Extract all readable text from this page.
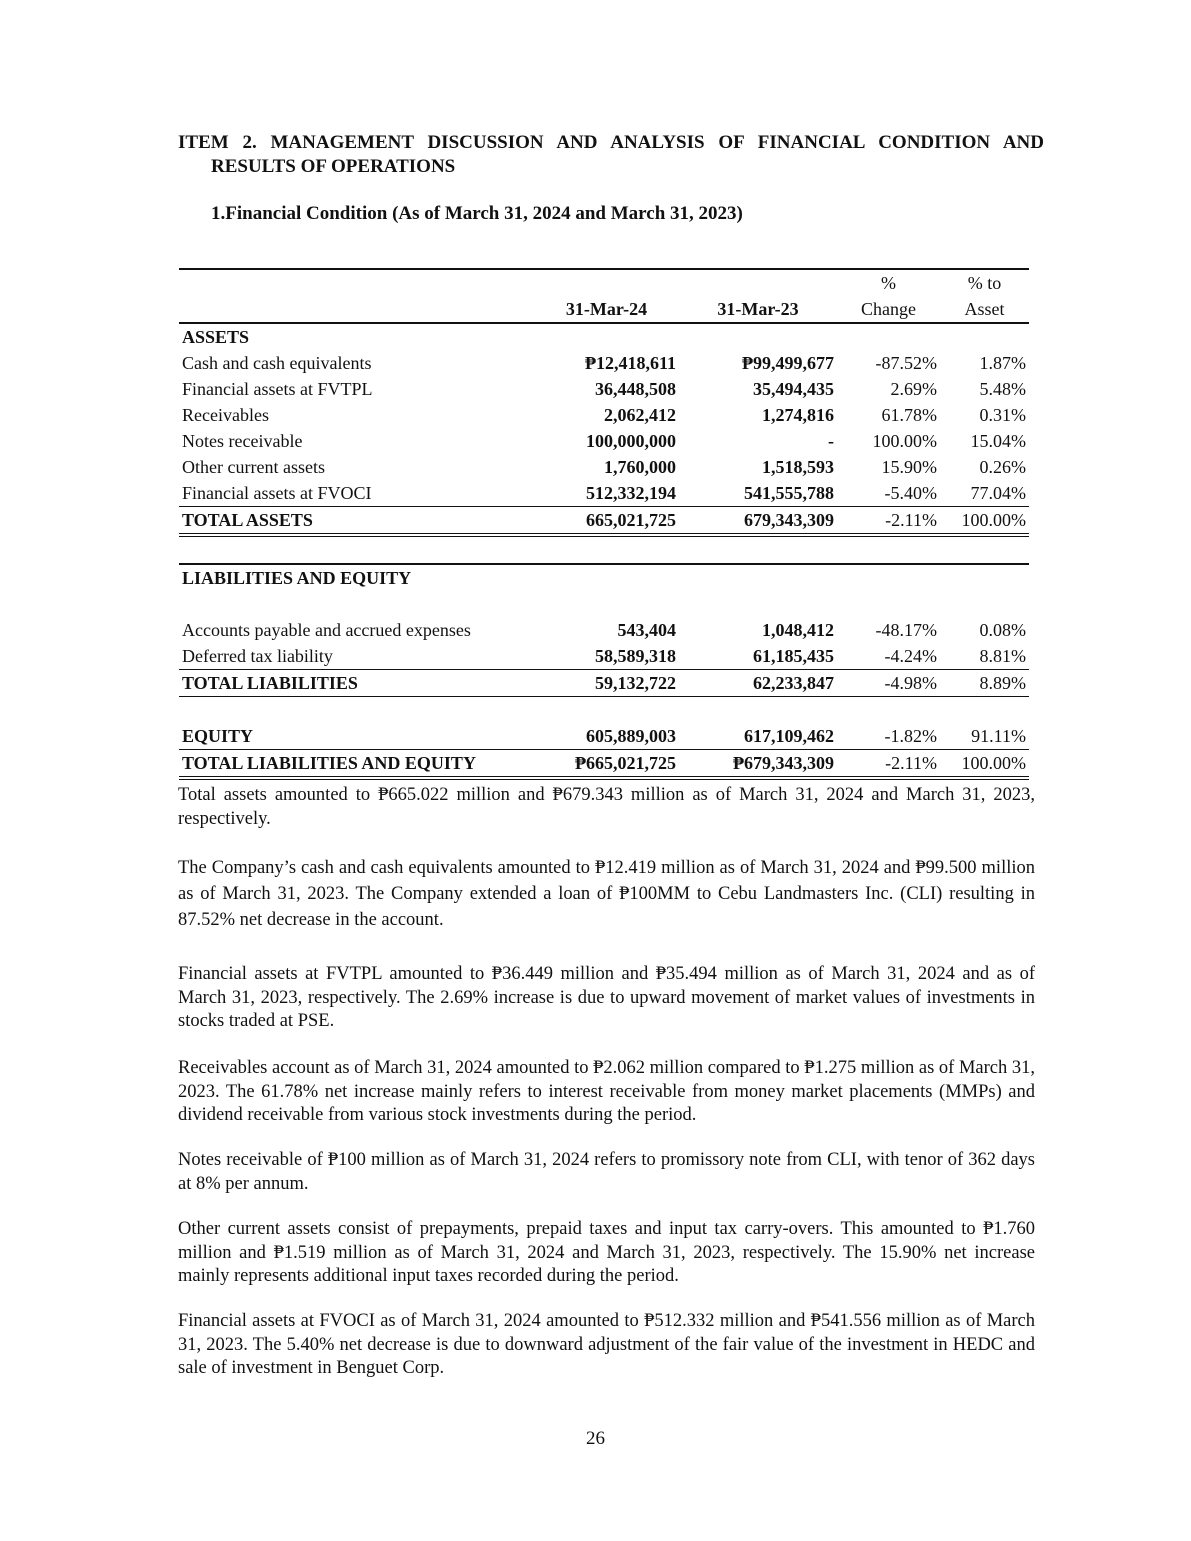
ITEM 2. MANAGEMENT DISCUSSION AND ANALYSIS OF FINANCIAL CONDITION AND
RESULTS OF OPERATIONS
1.Financial Condition (As of March 31, 2024 and March 31, 2023)
			%	% to
	31-Mar-24	31-Mar-23	Change	Asset
ASSETS				
Cash and cash equivalents	₱12,418,611	₱99,499,677	-87.52%	1.87%
Financial assets at FVTPL	36,448,508	35,494,435	2.69%	5.48%
Receivables	2,062,412	1,274,816	61.78%	0.31%
Notes receivable	100,000,000	-	100.00%	15.04%
Other current assets	1,760,000	1,518,593	15.90%	0.26%
Financial assets at FVOCI	512,332,194	541,555,788	-5.40%	77.04%
TOTAL ASSETS	665,021,725	679,343,309	-2.11%	100.00%

LIABILITIES AND EQUITY				

Accounts payable and accrued expenses	543,404	1,048,412	-48.17%	0.08%
Deferred tax liability	58,589,318	61,185,435	-4.24%	8.81%
TOTAL LIABILITIES	59,132,722	62,233,847	-4.98%	8.89%

EQUITY	605,889,003	617,109,462	-1.82%	91.11%
TOTAL LIABILITIES AND EQUITY	₱665,021,725	₱679,343,309	-2.11%	100.00%

Total assets amounted to ₱665.022 million and ₱679.343 million as of March 31, 2024 and March 31, 2023, respectively.

The Company’s cash and cash equivalents amounted to ₱12.419 million as of March 31, 2024 and ₱99.500 million as of March 31, 2023. The Company extended a loan of ₱100MM to Cebu Landmasters Inc. (CLI) resulting in 87.52% net decrease in the account.

Financial assets at FVTPL amounted to ₱36.449 million and ₱35.494 million as of March 31, 2024 and as of March 31, 2023, respectively. The 2.69% increase is due to upward movement of market values of investments in stocks traded at PSE.

Receivables account as of March 31, 2024 amounted to ₱2.062 million compared to ₱1.275 million as of March 31, 2023. The 61.78% net increase mainly refers to interest receivable from money market placements (MMPs) and dividend receivable from various stock investments during the period.

Notes receivable of ₱100 million as of March 31, 2024 refers to promissory note from CLI, with tenor of 362 days at 8% per annum.

Other current assets consist of prepayments, prepaid taxes and input tax carry-overs. This amounted to ₱1.760 million and ₱1.519 million as of March 31, 2024 and March 31, 2023, respectively. The 15.90% net increase mainly represents additional input taxes recorded during the period.

Financial assets at FVOCI as of March 31, 2024 amounted to ₱512.332 million and ₱541.556 million as of March 31, 2023. The 5.40% net decrease is due to downward adjustment of the fair value of the investment in HEDC and sale of investment in Benguet Corp.

26
